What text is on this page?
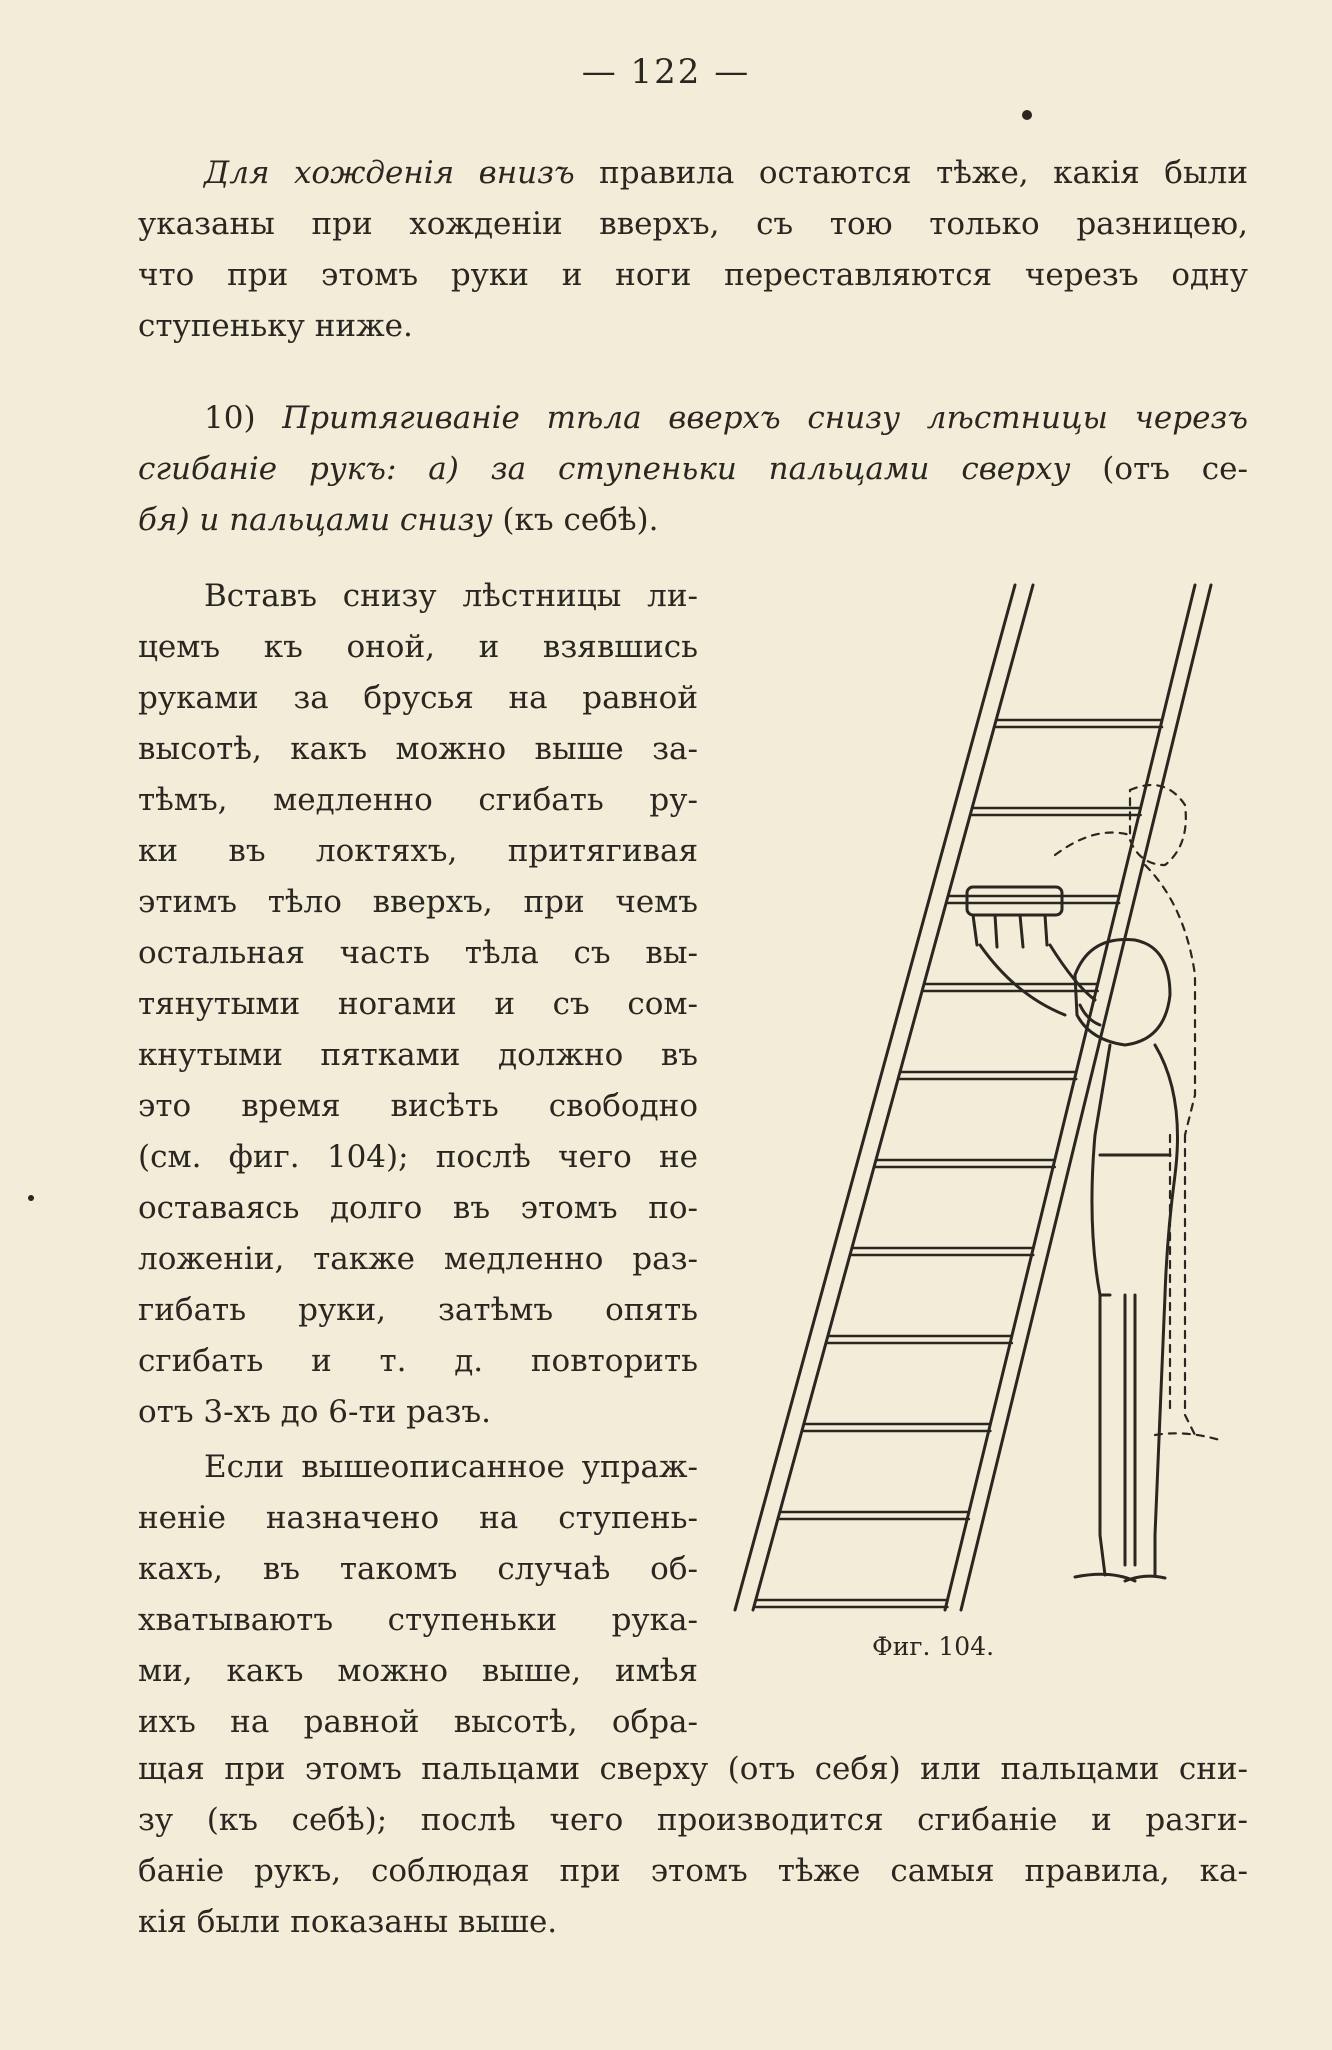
— 122 —
Для хожденія внизъ правила остаются тѣже, какія были
указаны при хожденіи вверхъ, съ тою только разницею,
что при этомъ руки и ноги переставляются черезъ одну
ступеньку ниже.
10) Притягиваніе тѣла вверхъ снизу лѣстницы черезъ
сгибаніе рукъ: а) за ступеньки пальцами сверху (отъ се-
бя) и пальцами снизу (къ себѣ).
Вставъ снизу лѣстницы ли-
цемъ къ оной, и взявшись
руками за брусья на равной
высотѣ, какъ можно выше за-
тѣмъ, медленно сгибать ру-
ки въ локтяхъ, притягивая
этимъ тѣло вверхъ, при чемъ
остальная часть тѣла съ вы-
тянутыми ногами и съ сом-
кнутыми пятками должно въ
это время висѣть свободно
(см. фиг. 104); послѣ чего не
оставаясь долго въ этомъ по-
ложеніи, также медленно раз-
гибать руки, затѣмъ опять
сгибать и т. д. повторить
отъ 3-хъ до 6-ти разъ.
Если вышеописанное упраж-
неніе назначено на ступень-
кахъ, въ такомъ случаѣ об-
хватываютъ ступеньки рука-
ми, какъ можно выше, имѣя
ихъ на равной высотѣ, обра-
щая при этомъ пальцами сверху (отъ себя) или пальцами сни-
зу (къ себѣ); послѣ чего производится сгибаніе и разги-
баніе рукъ, соблюдая при этомъ тѣже самыя правила, ка-
кія были показаны выше.
Фиг. 104.
